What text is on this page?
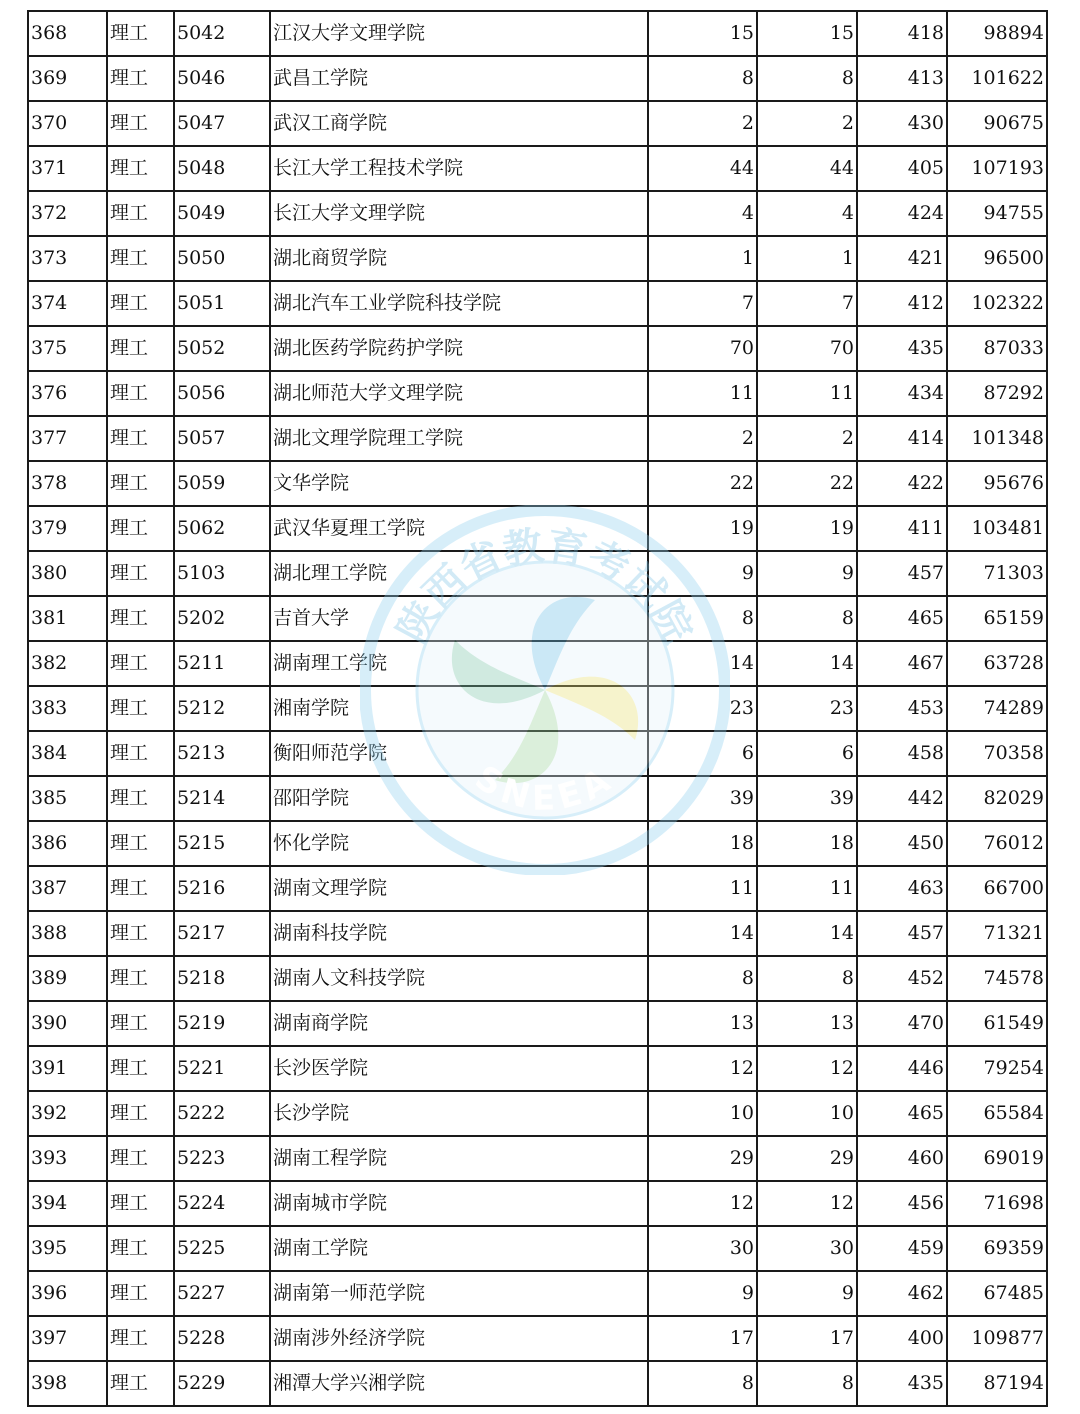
368	理工	5042	江汉大学文理学院	15	15	418	98894
369	理工	5046	武昌工学院	8	8	413	101622
370	理工	5047	武汉工商学院	2	2	430	90675
371	理工	5048	长江大学工程技术学院	44	44	405	107193
372	理工	5049	长江大学文理学院	4	4	424	94755
373	理工	5050	湖北商贸学院	1	1	421	96500
374	理工	5051	湖北汽车工业学院科技学院	7	7	412	102322
375	理工	5052	湖北医药学院药护学院	70	70	435	87033
376	理工	5056	湖北师范大学文理学院	11	11	434	87292
377	理工	5057	湖北文理学院理工学院	2	2	414	101348
378	理工	5059	文华学院	22	22	422	95676
379	理工	5062	武汉华夏理工学院	19	19	411	103481
380	理工	5103	湖北理工学院	9	9	457	71303
381	理工	5202	吉首大学	8	8	465	65159
382	理工	5211	湖南理工学院	14	14	467	63728
383	理工	5212	湘南学院	23	23	453	74289
384	理工	5213	衡阳师范学院	6	6	458	70358
385	理工	5214	邵阳学院	39	39	442	82029
386	理工	5215	怀化学院	18	18	450	76012
387	理工	5216	湖南文理学院	11	11	463	66700
388	理工	5217	湖南科技学院	14	14	457	71321
389	理工	5218	湖南人文科技学院	8	8	452	74578
390	理工	5219	湖南商学院	13	13	470	61549
391	理工	5221	长沙医学院	12	12	446	79254
392	理工	5222	长沙学院	10	10	465	65584
393	理工	5223	湖南工程学院	29	29	460	69019
394	理工	5224	湖南城市学院	12	12	456	71698
395	理工	5225	湖南工学院	30	30	459	69359
396	理工	5227	湖南第一师范学院	9	9	462	67485
397	理工	5228	湖南涉外经济学院	17	17	400	109877
398	理工	5229	湘潭大学兴湘学院	8	8	435	87194
陕西省教育考试院
SNEEA
